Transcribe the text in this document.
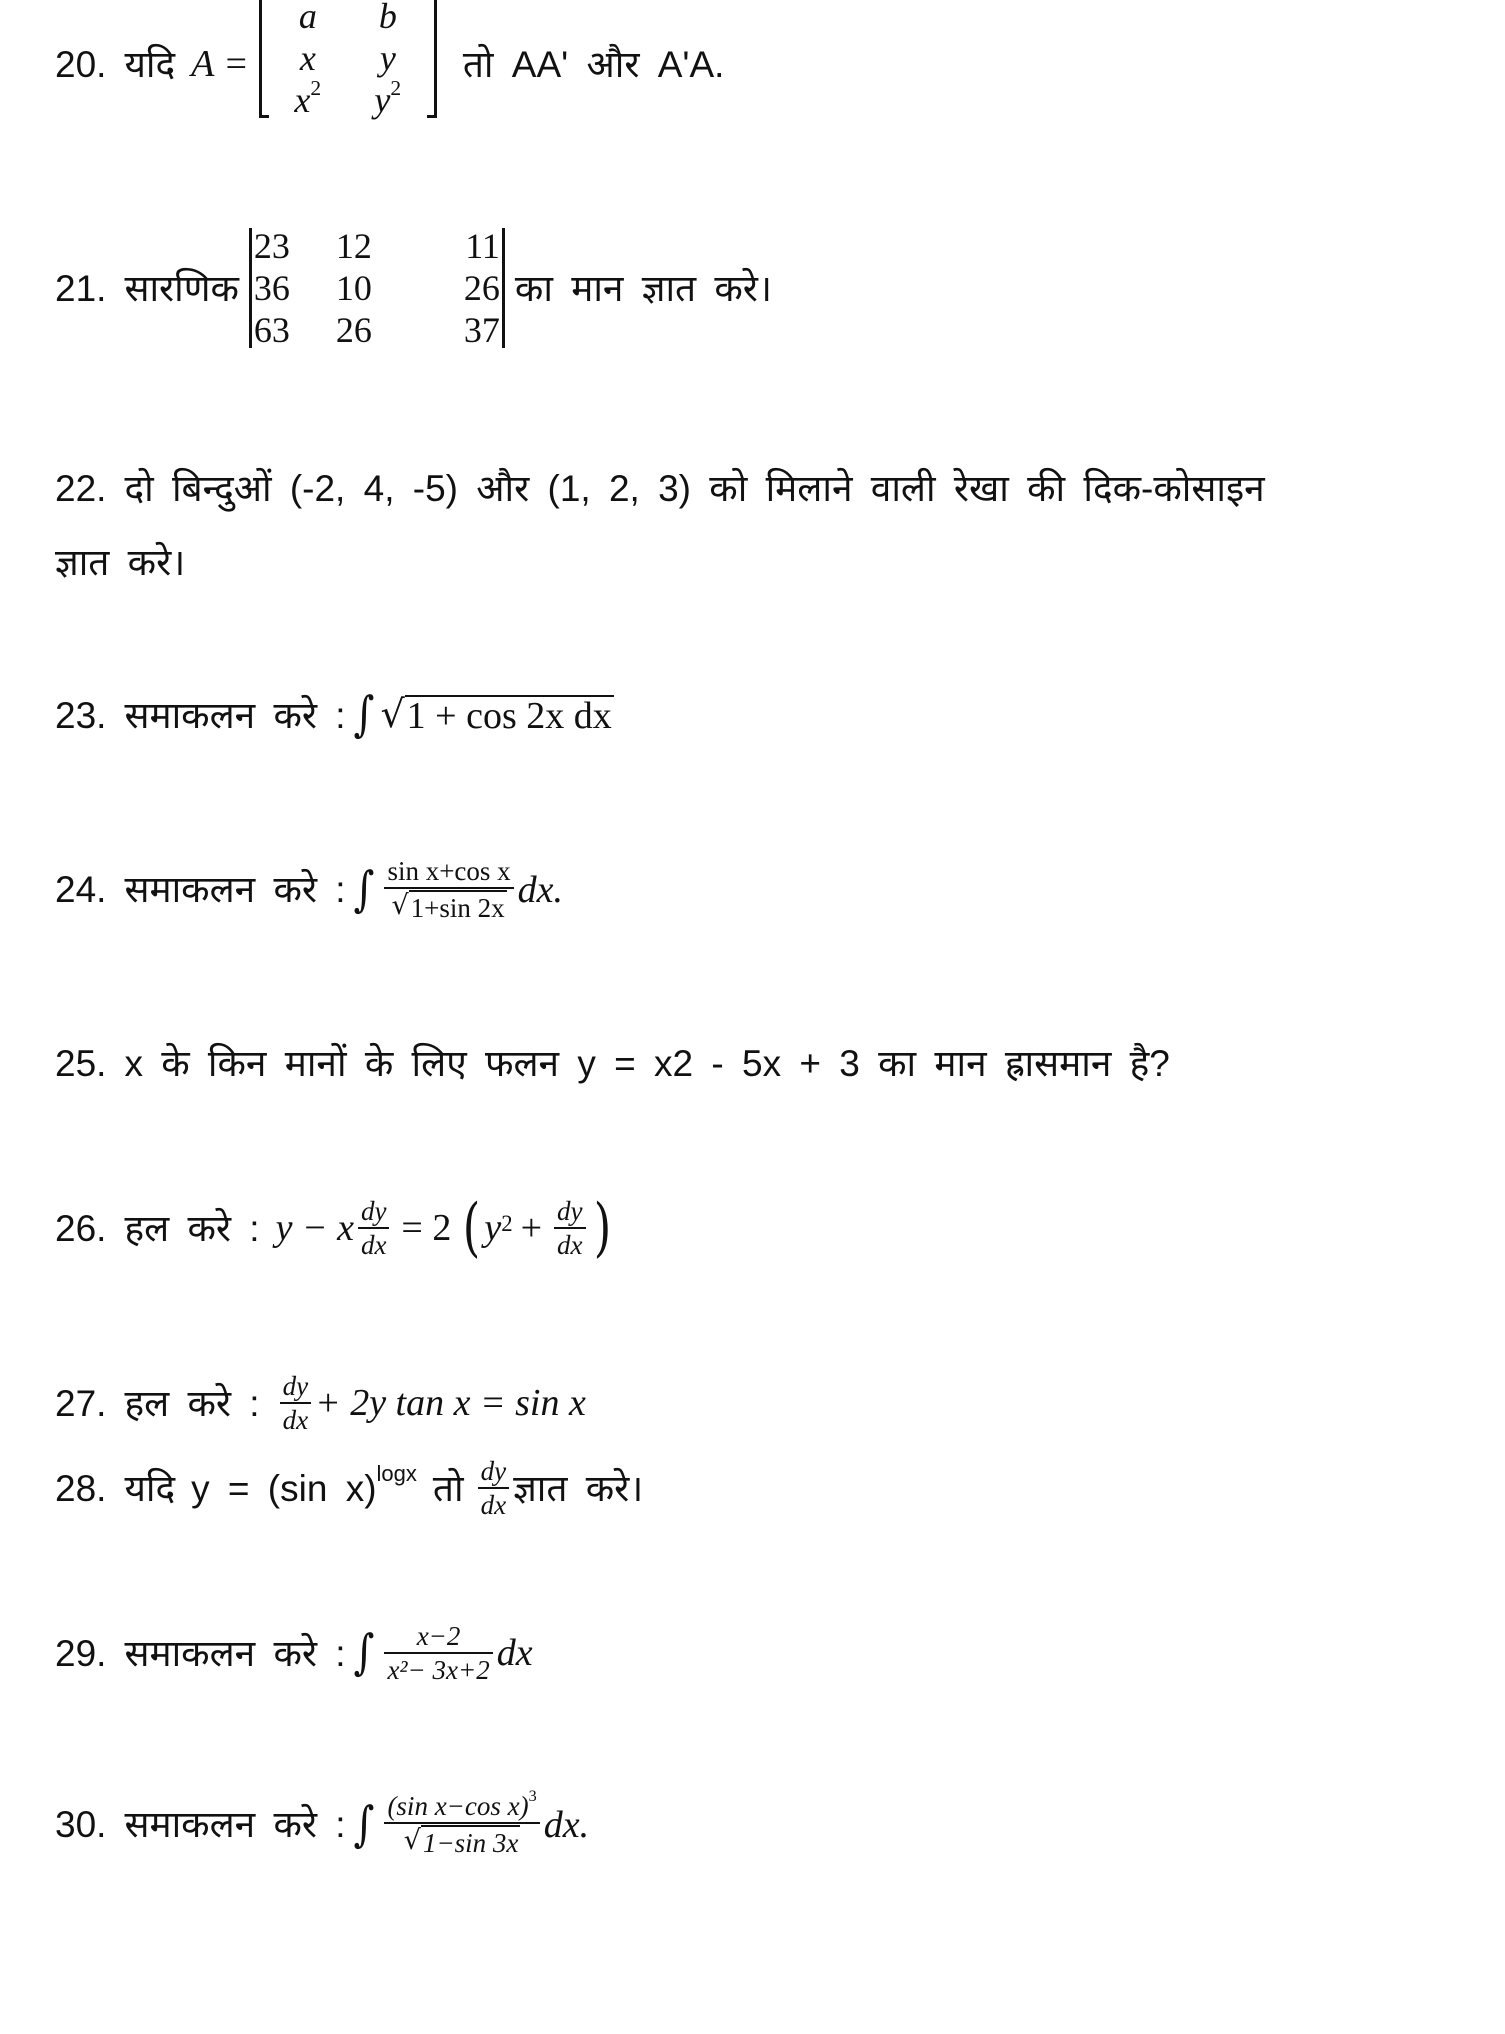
20. यदि A =
a	b
x	y
$x^2$	$y^2$
तो AA' और A'A.
21. सारणिक
23	12	11
36	10	26
63	26	37
का मान ज्ञात करे।
22. दो बिन्दुओं (-2, 4, -5) और (1, 2, 3) को मिलाने वाली रेखा की दिक-कोसाइन
ज्ञात करे।
23. समाकलन करे : ∫ √ 1 + cos 2x dx
24. समाकलन करे : ∫ $\frac{\text{sin x+cos x}}{√ 1+\sin 2x}$ dx.
25. x के किन मानों के लिए फलन y = x2 - 5x + 3 का मान ह्रासमान है?
26. हल करे : y − x $\frac{dy}{dx} = 2$ ( y $2 + \frac{dy}{dx}$ )
27. हल करे : $\frac{dy}{dx} + 2y$ tan x = sin x
28. यदि y = (sin x) logx तो $\frac{dy}{dx}$ ज्ञात करे।
29. समाकलन करे : ∫ $\frac{x-2}{\text{x²− 3x+2}}$ dx
30. समाकलन करे : ∫ $\frac{(\sin x-\cos x)^3}{√ 1-\sin 3x}$ dx.
